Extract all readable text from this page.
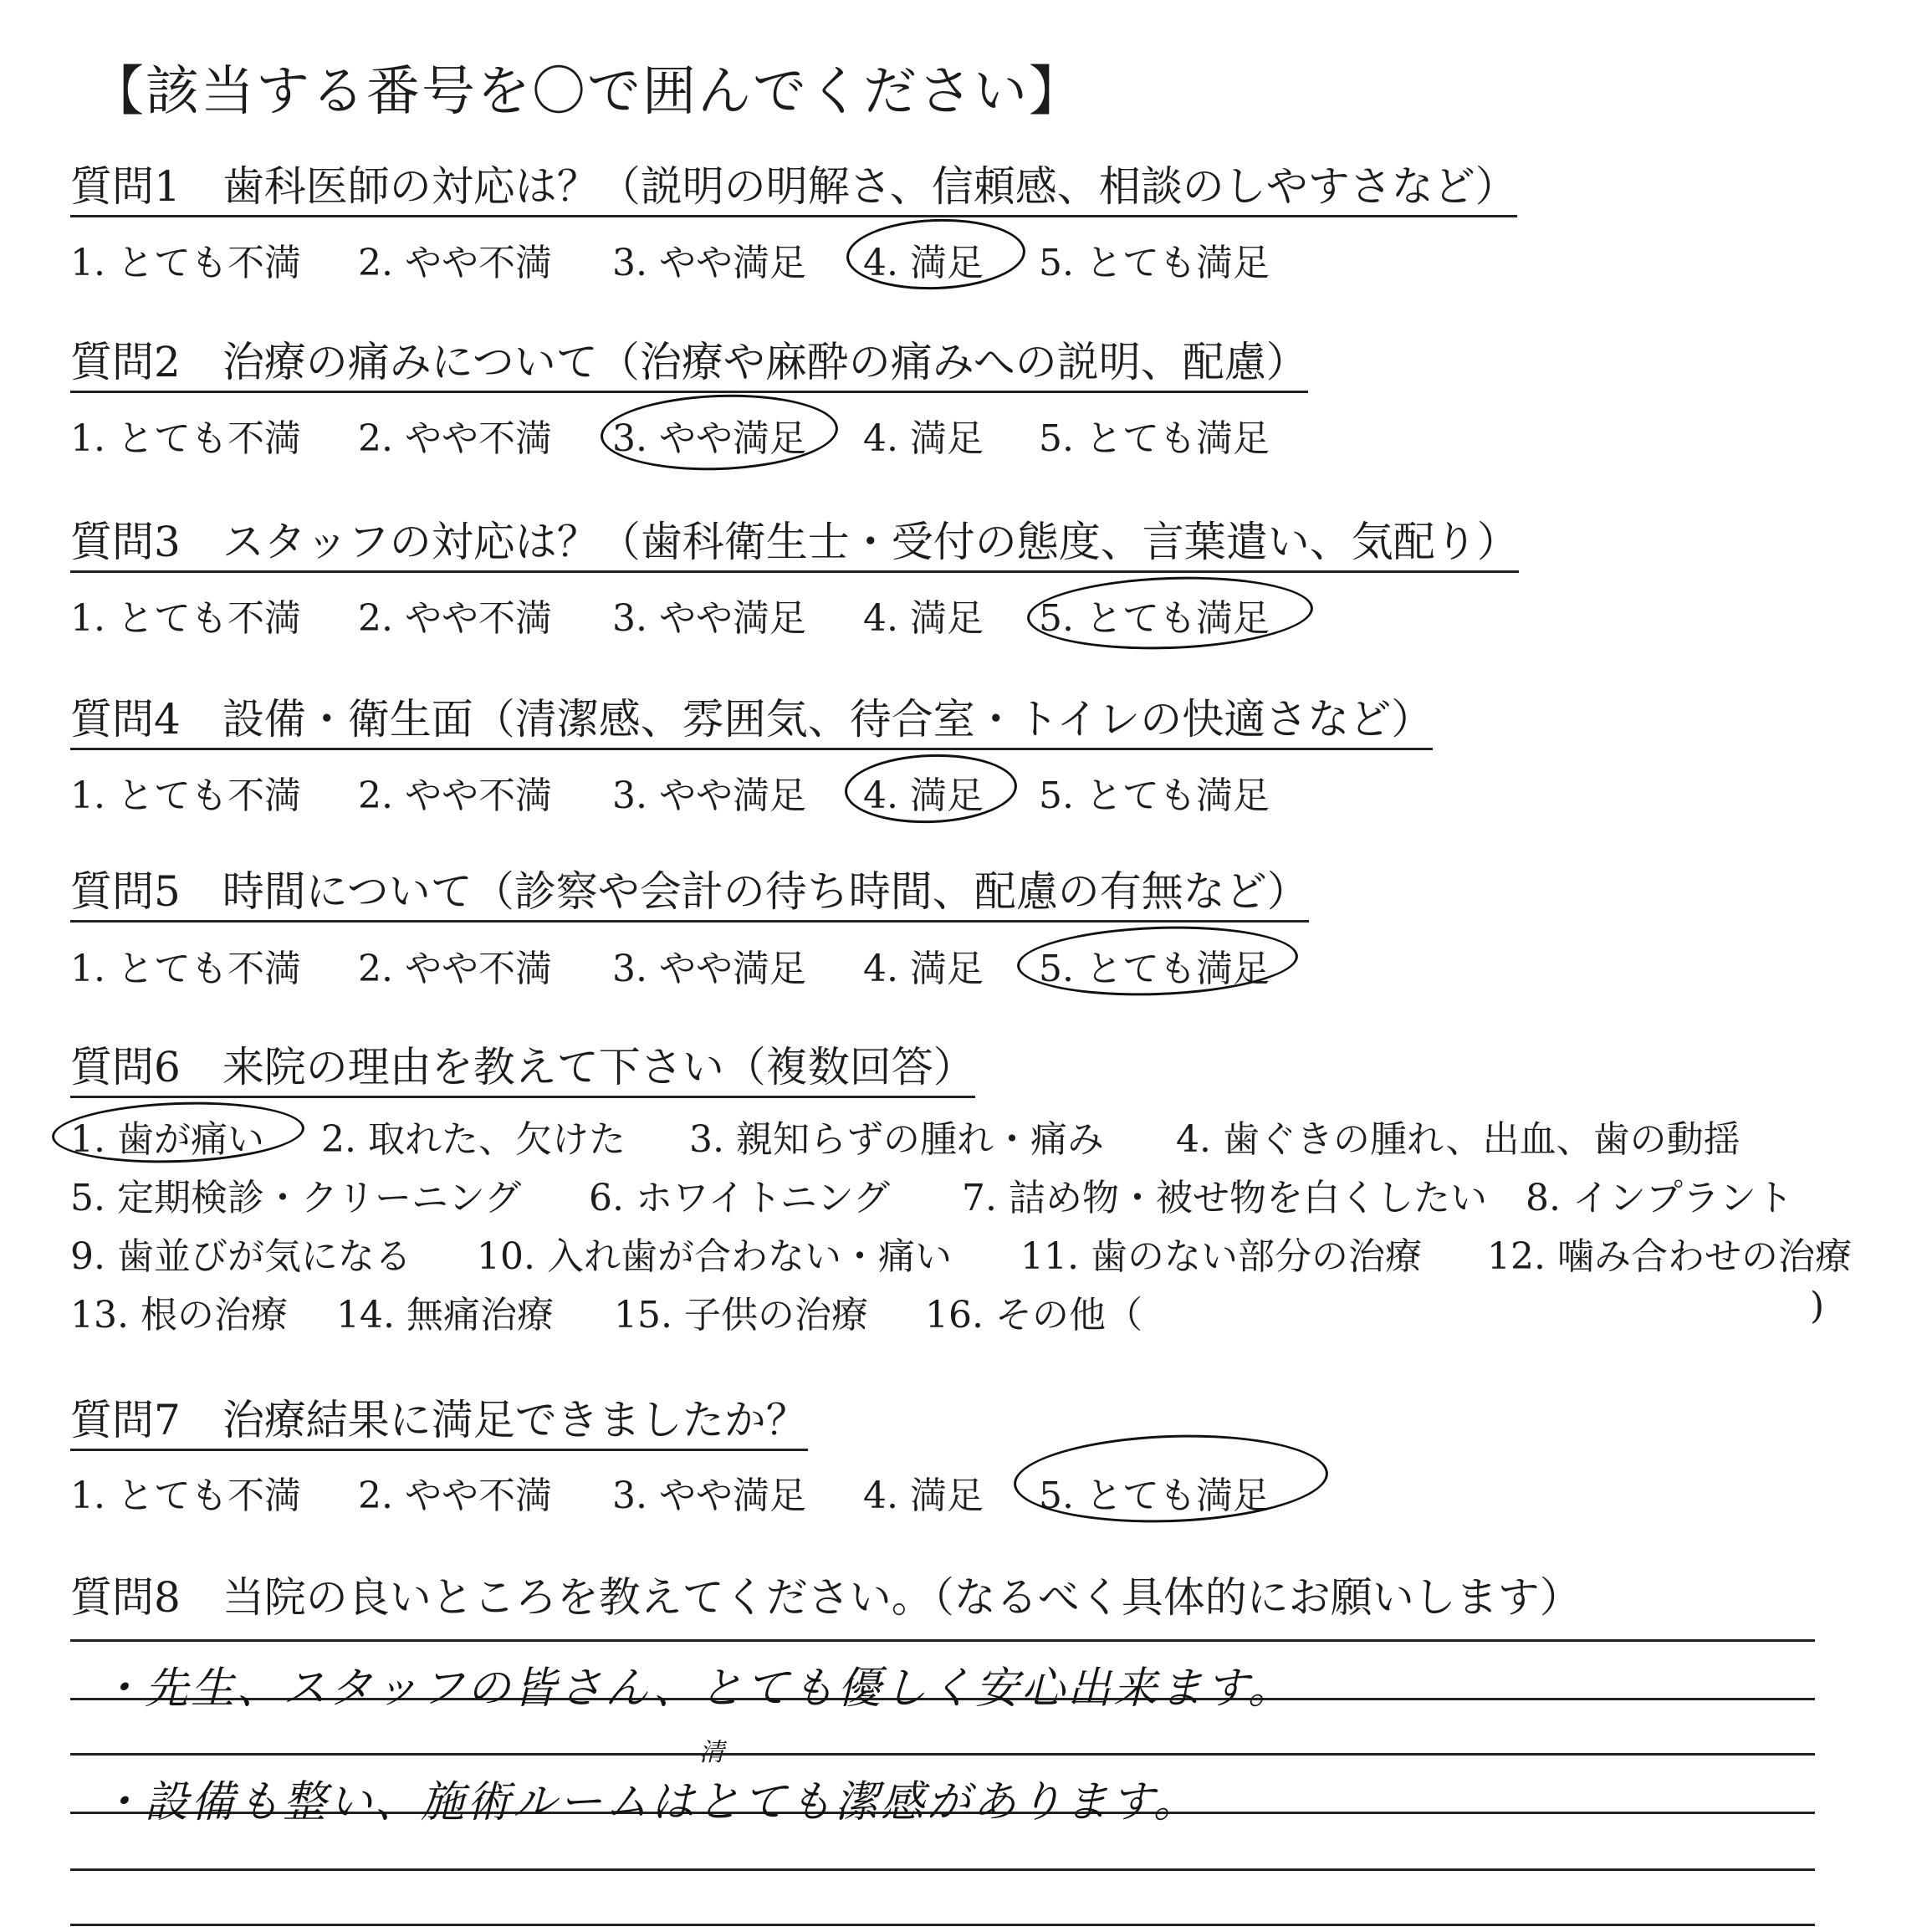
【該当する番号を〇で囲んでください】
質問1 歯科医師の対応は？（説明の明解さ、信頼感、相談のしやすさなど）
1. とても不満 2. やや不満 3. やや満足 4. 満足 5. とても満足
質問2 治療の痛みについて（治療や麻酔の痛みへの説明、配慮）
1. とても不満 2. やや不満 3. やや満足 4. 満足 5. とても満足
質問3 スタッフの対応は？（歯科衛生士・受付の態度、言葉遣い、気配り）
1. とても不満 2. やや不満 3. やや満足 4. 満足 5. とても満足
質問4 設備・衛生面（清潔感、雰囲気、待合室・トイレの快適さなど）
1. とても不満 2. やや不満 3. やや満足 4. 満足 5. とても満足
質問5 時間について（診察や会計の待ち時間、配慮の有無など）
1. とても不満 2. やや不満 3. やや満足 4. 満足 5. とても満足
質問6 来院の理由を教えて下さい（複数回答）
1. 歯が痛い 2. 取れた、欠けた 3. 親知らずの腫れ・痛み 4. 歯ぐきの腫れ、出血、歯の動揺
5. 定期検診・クリーニング 6. ホワイトニング 7. 詰め物・被せ物を白くしたい 8. インプラント
9. 歯並びが気になる 10. 入れ歯が合わない・痛い 11. 歯のない部分の治療 12. 噛み合わせの治療
13. 根の治療 14. 無痛治療 15. 子供の治療 16. その他（	)
質問7 治療結果に満足できましたか？
1. とても不満 2. やや不満 3. やや満足 4. 満足 5. とても満足
質問8 当院の良いところを教えてください。（なるべく具体的にお願いします）
・先生、スタッフの皆さん、とても優しく安心出来ます。
清
・設備も整い、施術ルームはとても潔感があります。
